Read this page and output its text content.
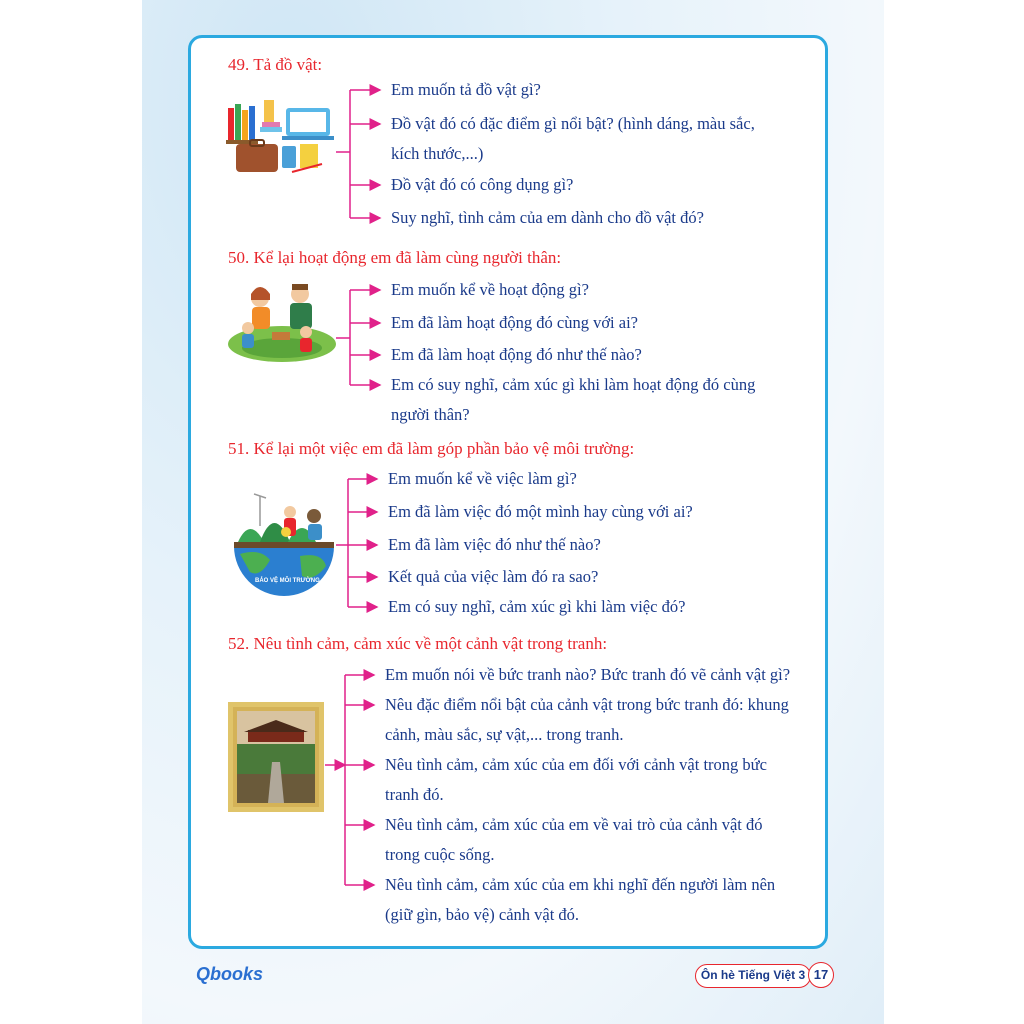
49. Tả đồ vật:
Em muốn tả đồ vật gì?
Đồ vật đó có đặc điểm gì nổi bật? (hình dáng, màu sắc,
kích thước,...)
Đồ vật đó có công dụng gì?
Suy nghĩ, tình cảm của em dành cho đồ vật đó?
50. Kể lại hoạt động em đã làm cùng người thân:
Em muốn kể về hoạt động gì?
Em đã làm hoạt động đó cùng với ai?
Em đã làm hoạt động đó như thế nào?
Em có suy nghĩ, cảm xúc gì khi làm hoạt động đó cùng
người thân?
51. Kể lại một việc em đã làm góp phần bảo vệ môi trường:
Em muốn kể về việc làm gì?
Em đã làm việc đó một mình hay cùng với ai?
Em đã làm việc đó như thế nào?
Kết quả của việc làm đó ra sao?
Em có suy nghĩ, cảm xúc gì khi làm việc đó?
52. Nêu tình cảm, cảm xúc về một cảnh vật trong tranh:
Em muốn nói về bức tranh nào? Bức tranh đó vẽ cảnh vật gì?
Nêu đặc điểm nổi bật của cảnh vật trong bức tranh đó: khung
cảnh, màu sắc, sự vật,... trong tranh.
Nêu tình cảm, cảm xúc của em đối với cảnh vật trong bức
tranh đó.
Nêu tình cảm, cảm xúc của em về vai trò của cảnh vật đó
trong cuộc sống.
Nêu tình cảm, cảm xúc của em khi nghĩ đến người làm nên
(giữ gìn, bảo vệ) cảnh vật đó.
BẢO VỆ MÔI TRƯỜNG
Qbooks	Ôn hè Tiếng Việt 3 17
